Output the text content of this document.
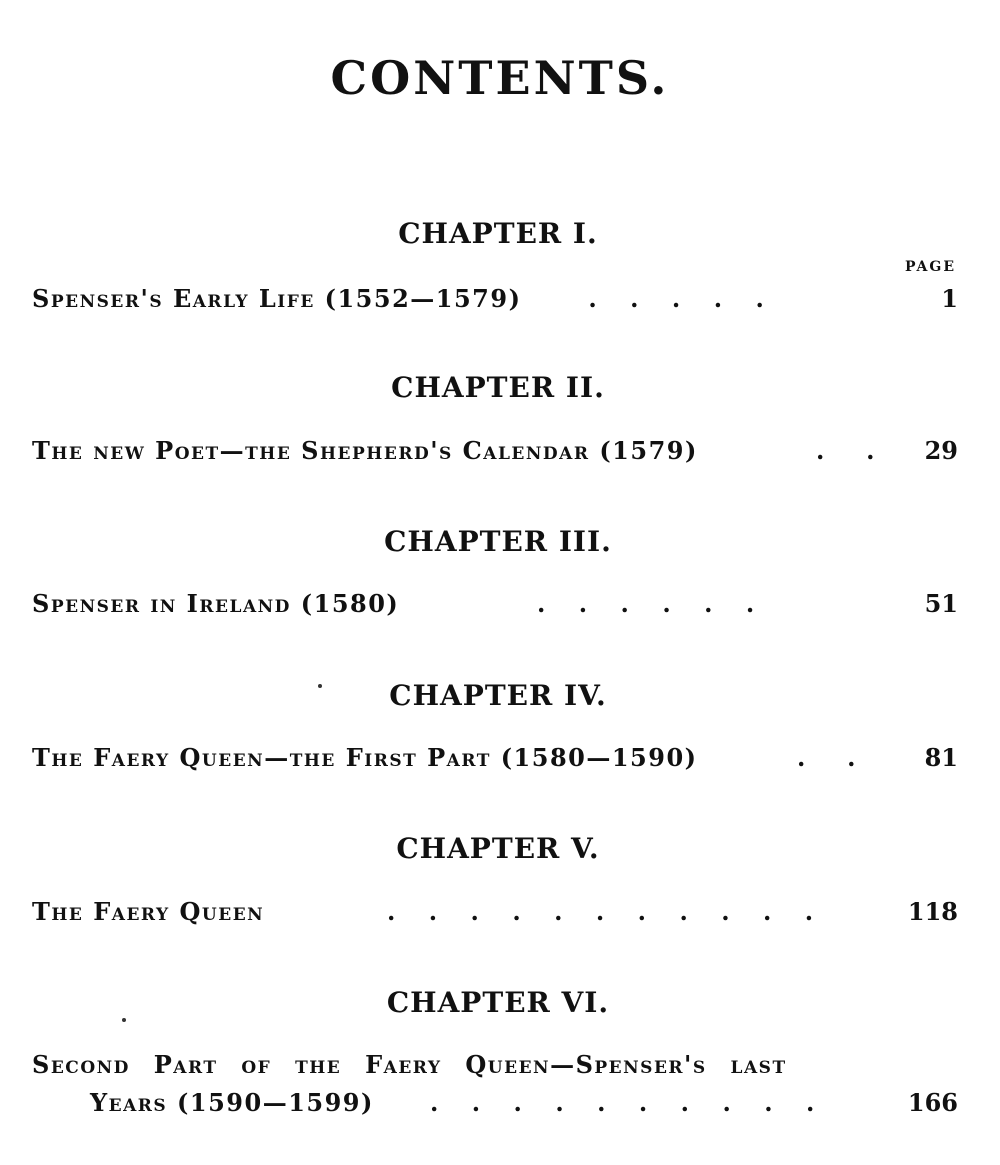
CONTENTS.
CHAPTER I.
PAGE
Spenser's Early Life (1552—1579) .    .    .    .    .	1
CHAPTER II.
The new Poet—the Shepherd's Calendar (1579)	.     . 29
CHAPTER III.
Spenser in Ireland (1580)	.    .    .    .    .    .	51
CHAPTER IV.
The Faery Queen—the First Part (1580—1590)	.     .	81
CHAPTER V.
The Faery Queen	.    .    .    .    .    .    .    .    .    .    .	118
CHAPTER VI.
Second Part of the Faery Queen—Spenser's last
Years (1590—1599) .    .    .    .    .    .    .    .    .    .	166
